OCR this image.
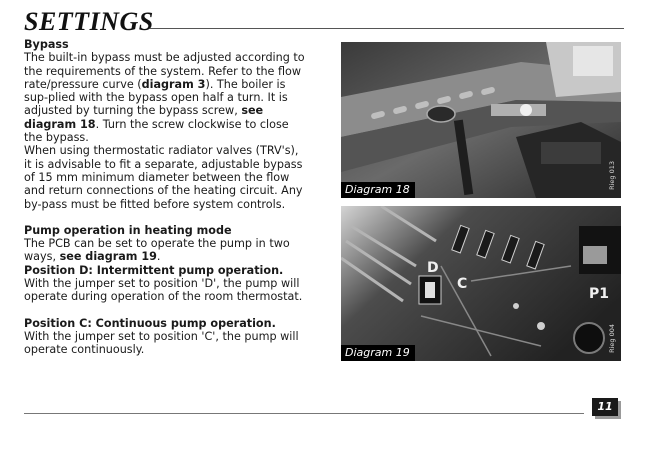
SETTINGS

Bypass

The built-in bypass must be adjusted according to the requirements of the system. Refer to the flow rate/pressure curve (diagram 3). The boiler is sup-plied with the bypass open half a turn. It is adjusted by turning the bypass screw, see diagram 18. Turn the screw clockwise to close the bypass.

When using thermostatic radiator valves (TRV's), it is advisable to fit a separate, adjustable bypass of 15 mm minimum diameter between the flow and return connections of the heating circuit. Any by-pass must be fitted before system controls.

Pump operation in heating mode

The PCB can be set to operate the pump in two ways, see diagram 19.

Position D: Intermittent pump operation.

With the jumper set to position 'D', the pump will operate during operation of the room thermostat.

Position C: Continuous pump operation.

With the jumper set to position 'C', the pump will operate continuously.

Diagram 18	Rieg 013
D
C
P1
Diagram 19	Rieg 004
11
